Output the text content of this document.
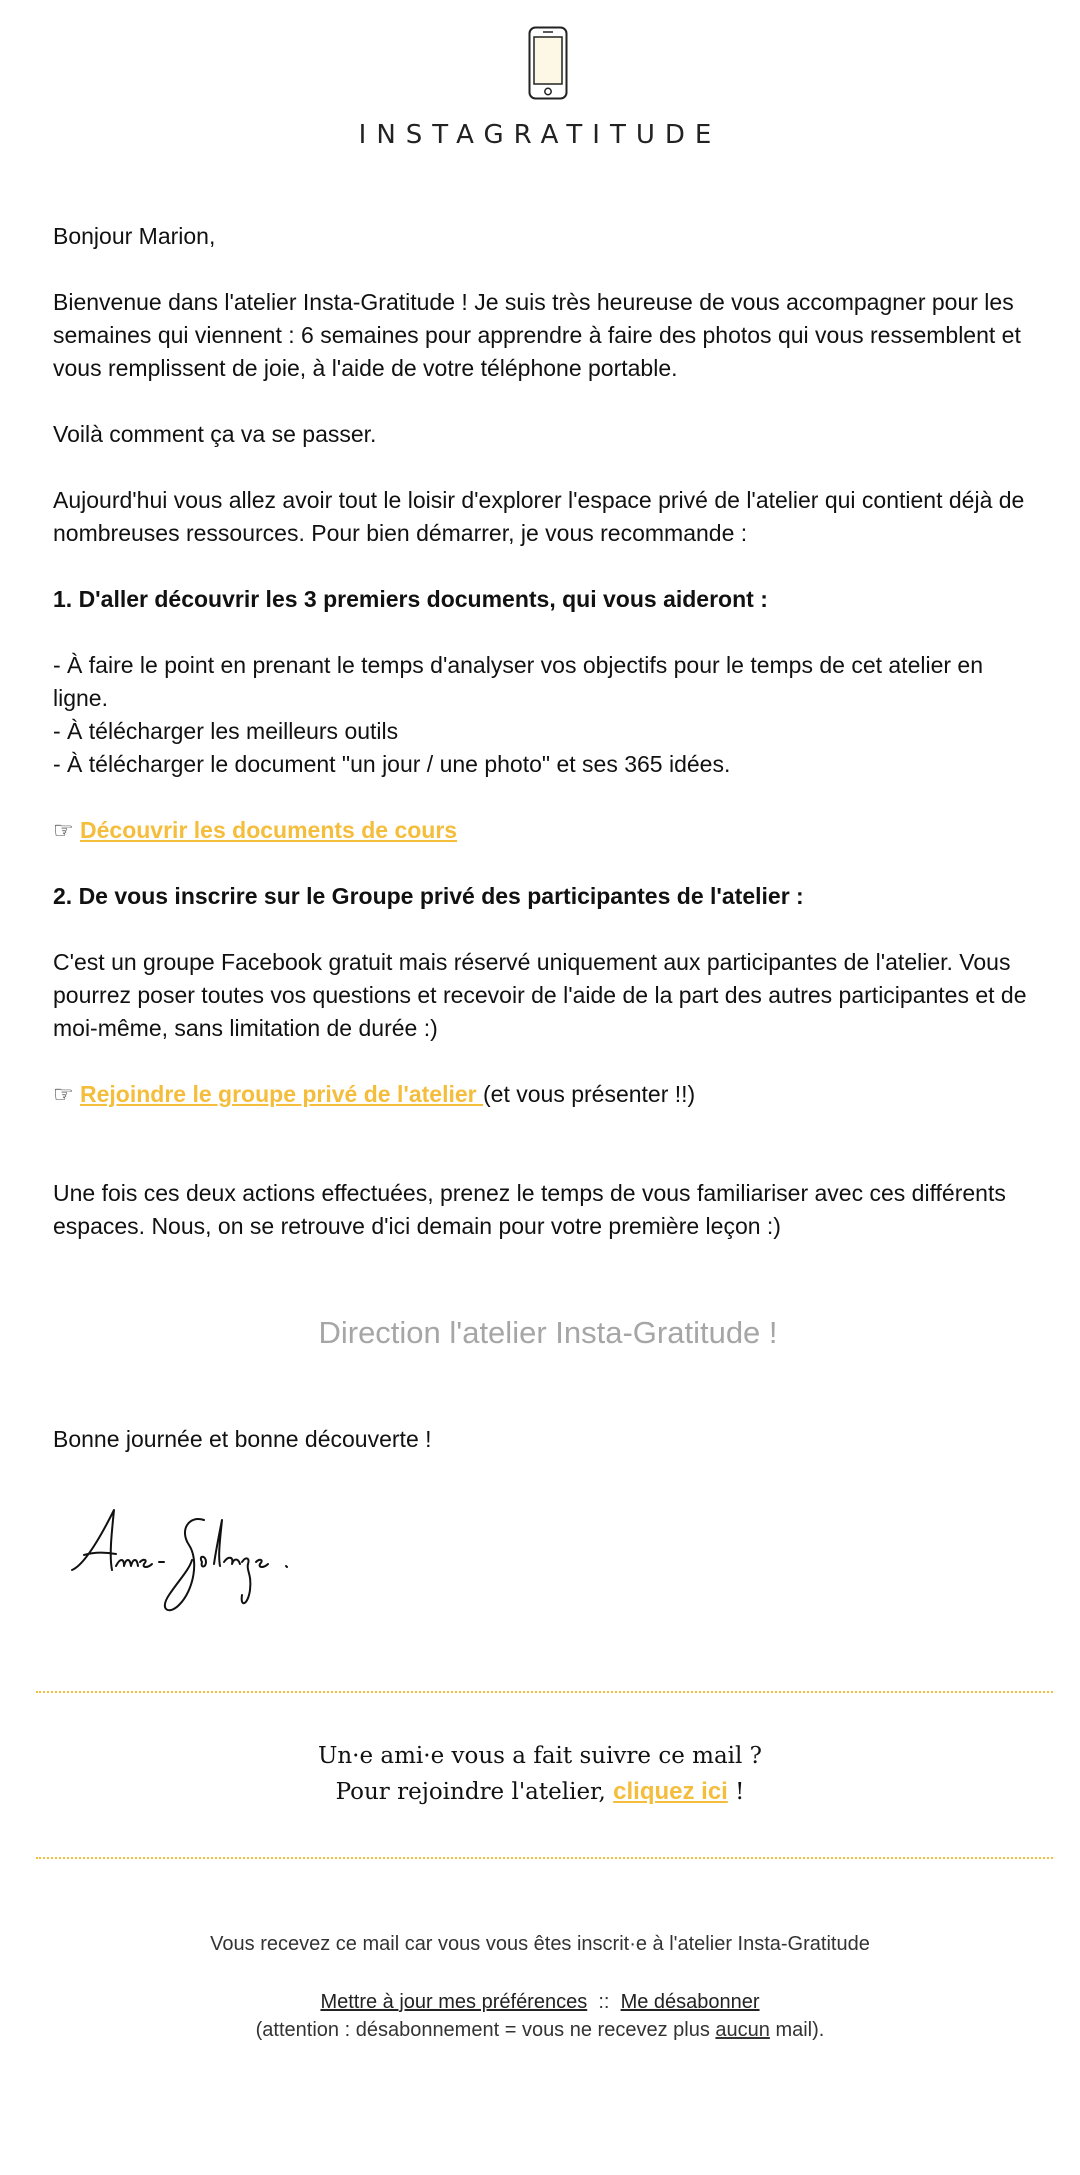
INSTAGRATITUDE

Bonjour Marion,

Bienvenue dans l'atelier Insta-Gratitude ! Je suis très heureuse de vous accompagner pour les semaines qui viennent : 6 semaines pour apprendre à faire des photos qui vous ressemblent et vous remplissent de joie, à l'aide de votre téléphone portable.

Voilà comment ça va se passer.

Aujourd'hui vous allez avoir tout le loisir d'explorer l'espace privé de l'atelier qui contient déjà de nombreuses ressources. Pour bien démarrer, je vous recommande :

1. D'aller découvrir les 3 premiers documents, qui vous aideront :

- À faire le point en prenant le temps d'analyser vos objectifs pour le temps de cet atelier en ligne.

- À télécharger les meilleurs outils

- À télécharger le document "un jour / une photo" et ses 365 idées.

☞ Découvrir les documents de cours

2. De vous inscrire sur le Groupe privé des participantes de l'atelier :

C'est un groupe Facebook gratuit mais réservé uniquement aux participantes de l'atelier. Vous pourrez poser toutes vos questions et recevoir de l'aide de la part des autres participantes et de moi-même, sans limitation de durée :)

☞ Rejoindre le groupe privé de l'atelier (et vous présenter !!)

Une fois ces deux actions effectuées, prenez le temps de vous familiariser avec ces différents espaces. Nous, on se retrouve d'ici demain pour votre première leçon :)

Direction l'atelier Insta-Gratitude !

Bonne journée et bonne découverte !

Un·e ami·e vous a fait suivre ce mail ?

Pour rejoindre l'atelier, cliquez ici !

Vous recevez ce mail car vous vous êtes inscrit·e à l'atelier Insta-Gratitude

Mettre à jour mes préférences  ::  Me désabonner

(attention : désabonnement = vous ne recevez plus aucun mail).
